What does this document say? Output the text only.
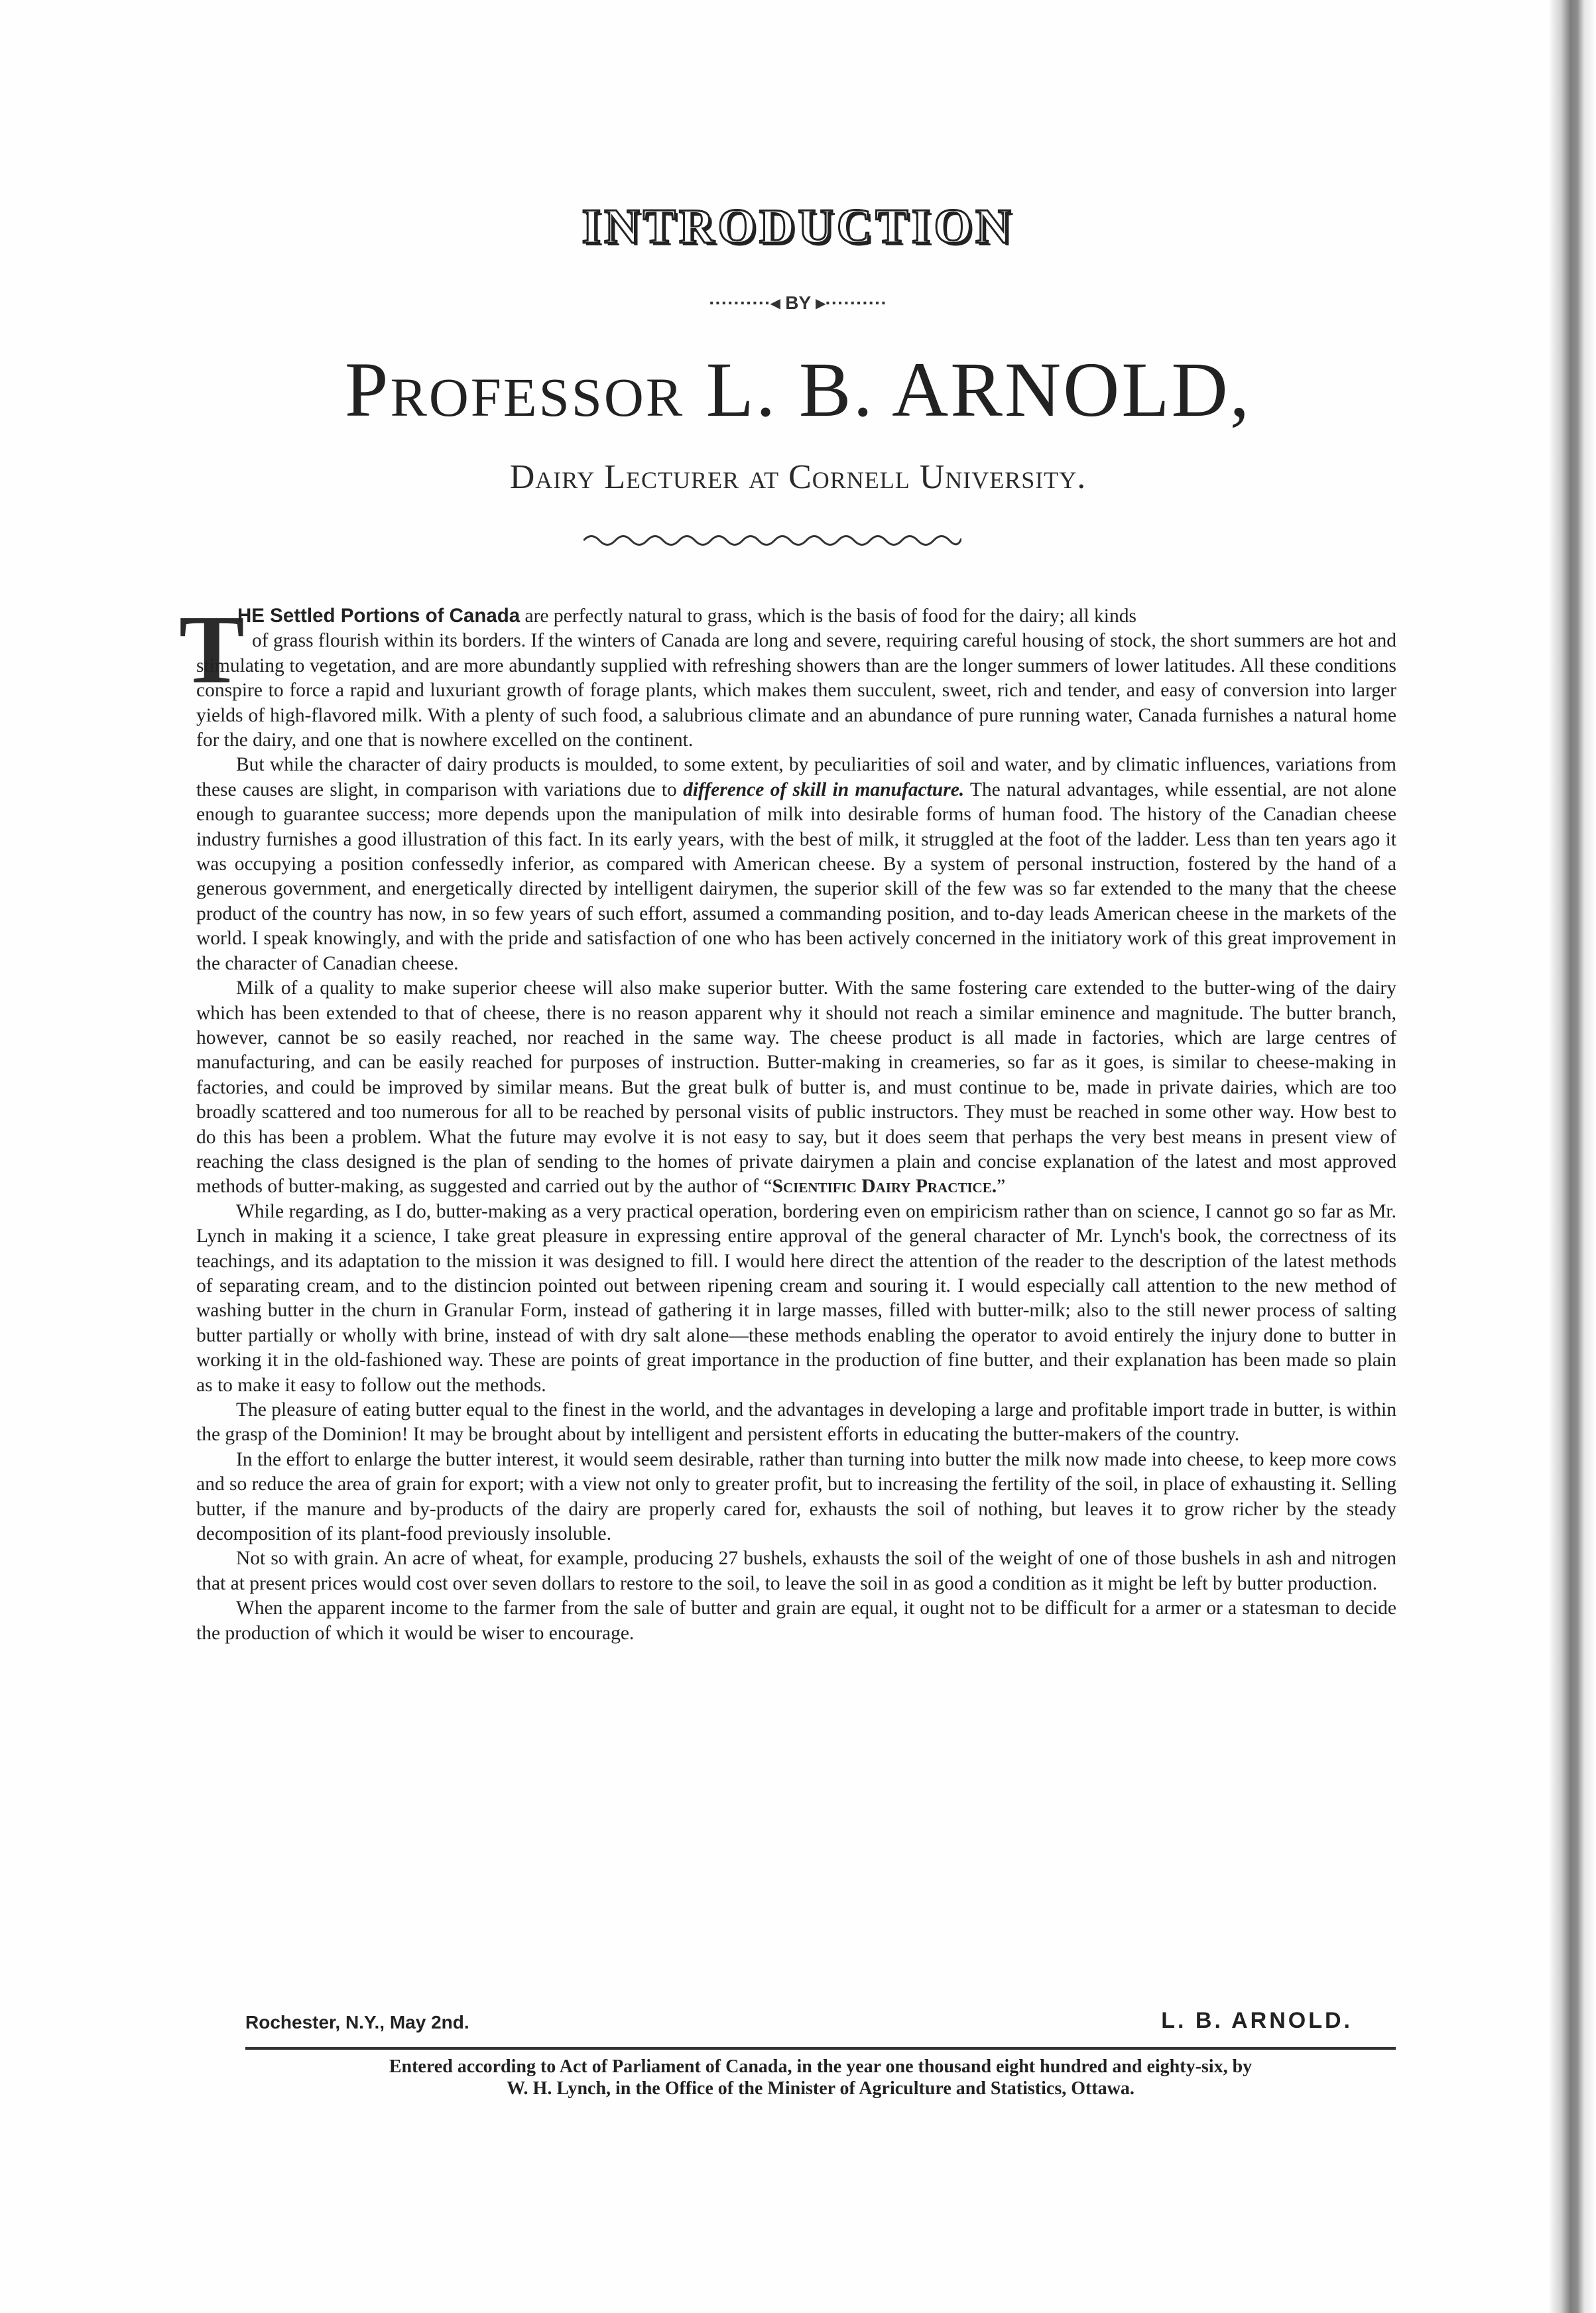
INTRODUCTION
··········◂ BY ▸··········
Professor L. B. ARNOLD,
Dairy Lecturer at Cornell University.
T

HE Settled Portions of Canada are perfectly natural to grass, which is the basis of food for the dairy; all kinds
of grass flourish within its borders. If the winters of Canada are long and severe, requiring careful housing of stock, the short summers are hot and stimulating to vegetation, and are more abundantly supplied with refreshing showers than are the longer summers of lower latitudes. All these conditions conspire to force a rapid and luxuriant growth of forage plants, which makes them succulent, sweet, rich and tender, and easy of conversion into larger yields of high-flavored milk. With a plenty of such food, a salubrious climate and an abundance of pure running water, Canada furnishes a natural home for the dairy, and one that is nowhere excelled on the continent.

But while the character of dairy products is moulded, to some extent, by peculiarities of soil and water, and by climatic influences, variations from these causes are slight, in comparison with variations due to difference of skill in manufacture. The natural advantages, while essential, are not alone enough to guarantee success; more depends upon the manipulation of milk into desirable forms of human food. The history of the Canadian cheese industry furnishes a good illustration of this fact. In its early years, with the best of milk, it struggled at the foot of the ladder. Less than ten years ago it was occupying a position confessedly inferior, as compared with American cheese. By a system of personal instruction, fostered by the hand of a generous government, and energetically directed by intelligent dairymen, the superior skill of the few was so far extended to the many that the cheese product of the country has now, in so few years of such effort, assumed a commanding position, and to-day leads American cheese in the markets of the world. I speak knowingly, and with the pride and satisfaction of one who has been actively concerned in the initiatory work of this great improvement in the character of Canadian cheese.

Milk of a quality to make superior cheese will also make superior butter. With the same fostering care extended to the butter-wing of the dairy which has been extended to that of cheese, there is no reason apparent why it should not reach a similar eminence and magnitude. The butter branch, however, cannot be so easily reached, nor reached in the same way. The cheese product is all made in factories, which are large centres of manufacturing, and can be easily reached for purposes of instruction. Butter-making in creameries, so far as it goes, is similar to cheese-making in factories, and could be improved by similar means. But the great bulk of butter is, and must continue to be, made in private dairies, which are too broadly scattered and too numerous for all to be reached by personal visits of public instructors. They must be reached in some other way. How best to do this has been a problem. What the future may evolve it is not easy to say, but it does seem that perhaps the very best means in present view of reaching the class designed is the plan of sending to the homes of private dairymen a plain and concise explanation of the latest and most approved methods of butter-making, as suggested and carried out by the author of “Scientific Dairy Practice.”

While regarding, as I do, butter-making as a very practical operation, bordering even on empiricism rather than on science, I cannot go so far as Mr. Lynch in making it a science, I take great pleasure in expressing entire approval of the general character of Mr. Lynch's book, the correctness of its teachings, and its adaptation to the mission it was designed to fill. I would here direct the attention of the reader to the description of the latest methods of separating cream, and to the distincion pointed out between ripening cream and souring it. I would especially call attention to the new method of washing butter in the churn in Granular Form, instead of gathering it in large masses, filled with butter-milk; also to the still newer process of salting butter partially or wholly with brine, instead of with dry salt alone—these methods enabling the operator to avoid entirely the injury done to butter in working it in the old-fashioned way. These are points of great importance in the production of fine butter, and their explanation has been made so plain as to make it easy to follow out the methods.

The pleasure of eating butter equal to the finest in the world, and the advantages in developing a large and profitable import trade in butter, is within the grasp of the Dominion! It may be brought about by intelligent and persistent efforts in educating the butter-makers of the country.

In the effort to enlarge the butter interest, it would seem desirable, rather than turning into butter the milk now made into cheese, to keep more cows and so reduce the area of grain for export; with a view not only to greater profit, but to increasing the fertility of the soil, in place of exhausting it. Selling butter, if the manure and by-products of the dairy are properly cared for, exhausts the soil of nothing, but leaves it to grow richer by the steady decomposition of its plant-food previously insoluble.

Not so with grain. An acre of wheat, for example, producing 27 bushels, exhausts the soil of the weight of one of those bushels in ash and nitrogen that at present prices would cost over seven dollars to restore to the soil, to leave the soil in as good a condition as it might be left by butter production.

When the apparent income to the farmer from the sale of butter and grain are equal, it ought not to be difficult for a armer or a statesman to decide the production of which it would be wiser to encourage.

Rochester, N.Y., May 2nd.	L. B. ARNOLD.
Entered according to Act of Parliament of Canada, in the year one thousand eight hundred and eighty-six, by
W. H. Lynch, in the Office of the Minister of Agriculture and Statistics, Ottawa.
